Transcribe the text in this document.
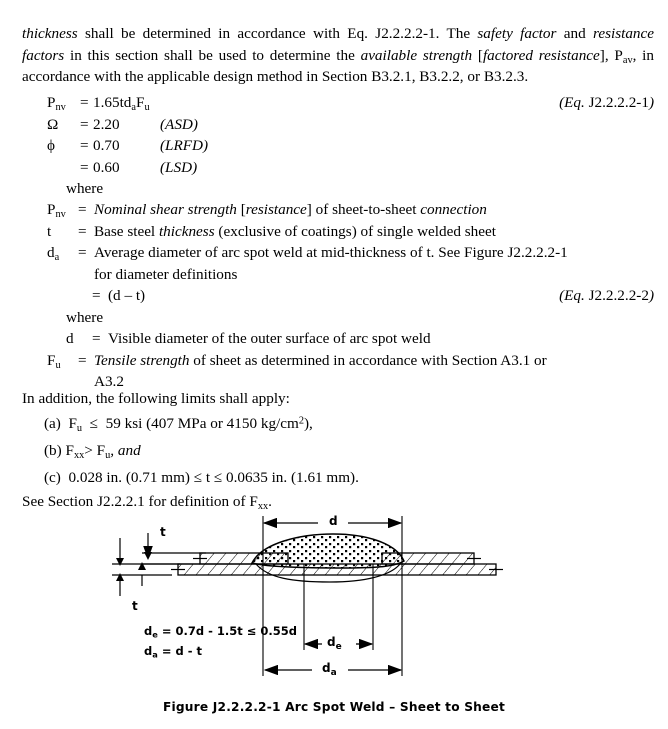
thickness shall be determined in accordance with Eq. J2.2.2.2-1. The safety factor and resistance factors in this section shall be used to determine the available strength [factored resistance], $P_{av}$, in accordance with the applicable design method in Section B3.2.1, B3.2.2, or B3.2.3.

$P_{nv} = 1.65td_aF_u$	(Eq. J2.2.2.2-1)
Ω	= 2.20	(ASD)
ϕ	= 0.70	(LRFD)
= 0.60	(LSD)
where
$P_{nv}$ = Nominal shear strength [resistance] of sheet-to-sheet connection
t	= Base steel thickness (exclusive of coatings) of single welded sheet
$d_a$	= Average diameter of arc spot weld at mid-thickness of t. See Figure J2.2.2.2-1
for diameter definitions
= (d – t)	(Eq. J2.2.2.2-2)
where
d	= Visible diameter of the outer surface of arc spot weld
$F_u$	= Tensile strength of sheet as determined in accordance with Section A3.1 or
A3.2
In addition, the following limits shall apply:
(a) $F_u \le 59$ ksi (407 MPa or 4150 $kg/cm^2$),
(b) $F_{xx}> F_u$, and
(c) 0.028 in. (0.71 mm) ≤ t ≤ 0.0635 in. (1.61 mm).
See Section J2.2.2.1 for definition of $F_{xx}$.
d
t
t
$d_e$
$d_a$
$d_e = 0.7d - 1.5t \le 0.55d$
$d_a = d - t$
Figure J2.2.2.2-1 Arc Spot Weld – Sheet to Sheet
